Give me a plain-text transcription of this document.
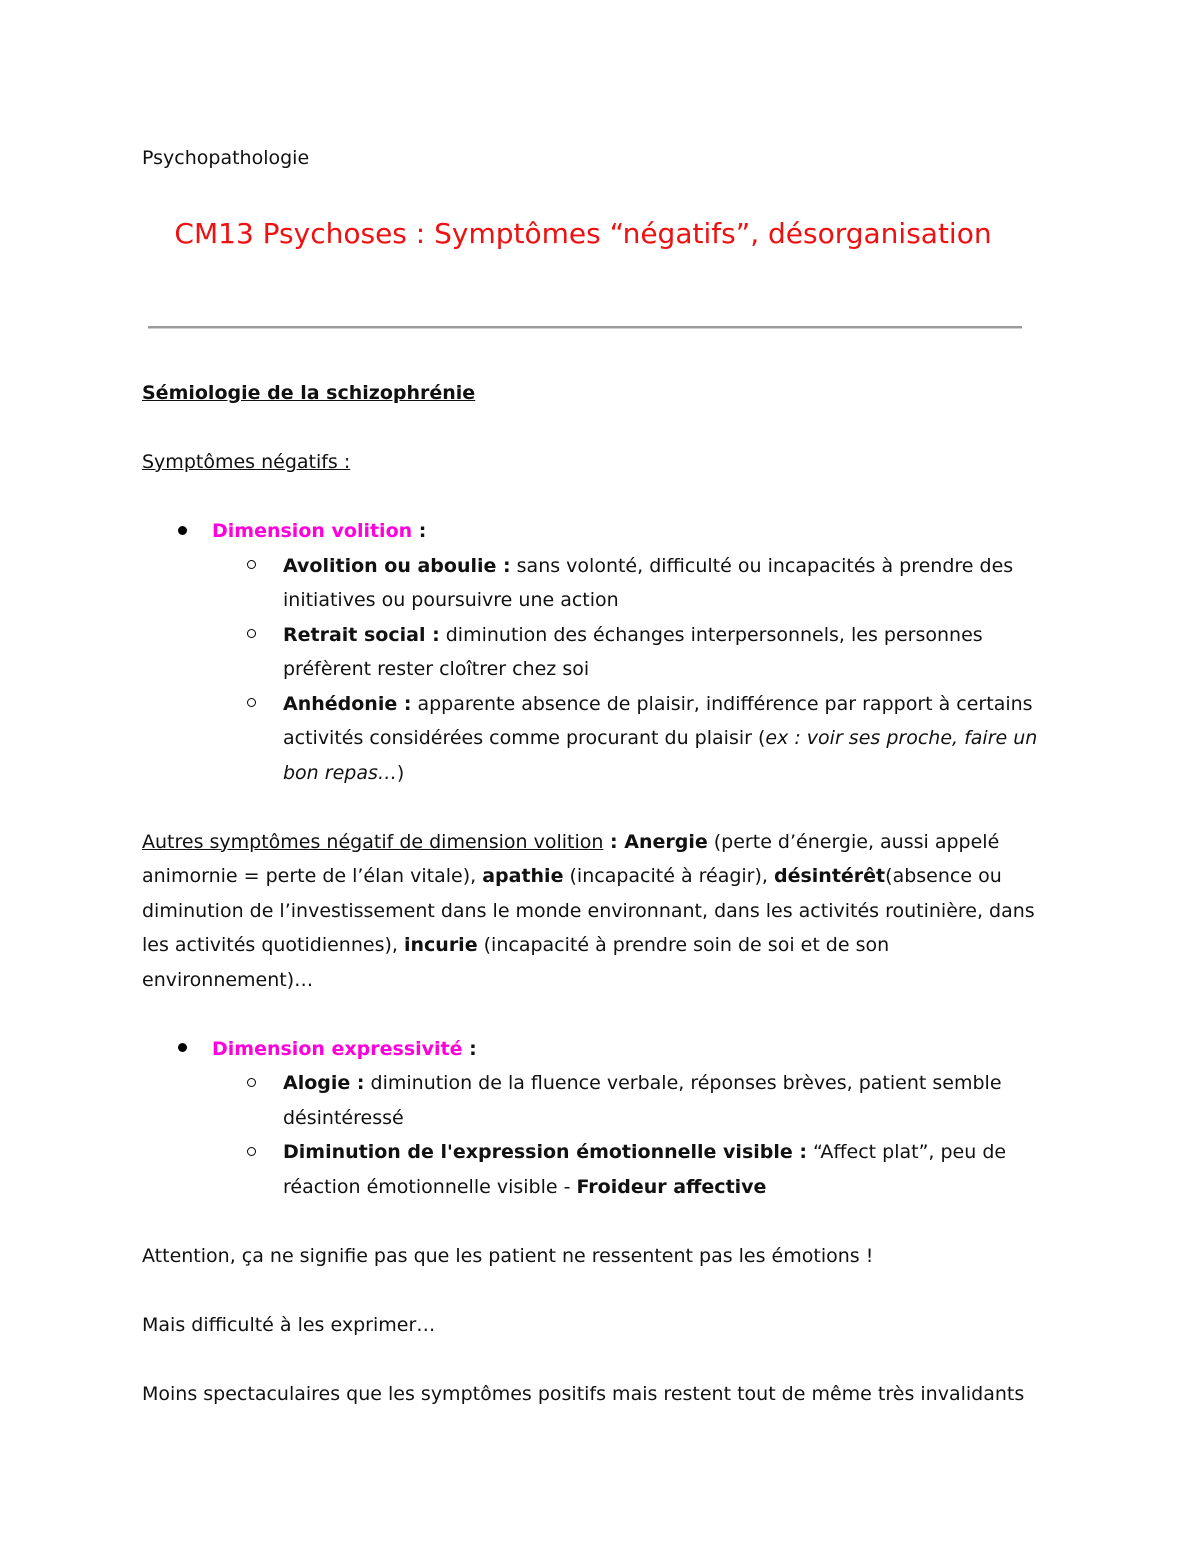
Psychopathologie

CM13 Psychoses : Symptômes “négatifs”, désorganisation

Sémiologie de la schizophrénie

Symptômes négatifs :

Dimension volition :
Avolition ou aboulie : sans volonté, difficulté ou incapacités à prendre des initiatives ou poursuivre une action
Retrait social : diminution des échanges interpersonnels, les personnes préfèrent rester cloîtrer chez soi
Anhédonie : apparente absence de plaisir, indifférence par rapport à certains activités considérées comme procurant du plaisir (ex : voir ses proche, faire un bon repas…)

Autres symptômes négatif de dimension volition : Anergie (perte d’énergie, aussi appelé animornie = perte de l’élan vitale), apathie (incapacité à réagir), désintérêt(absence ou diminution de l’investissement dans le monde environnant, dans les activités routinière, dans les activités quotidiennes), incurie (incapacité à prendre soin de soi et de son environnement)…

Dimension expressivité :
Alogie : diminution de la fluence verbale, réponses brèves, patient semble désintéressé
Diminution de l'expression émotionnelle visible : “Affect plat”, peu de réaction émotionnelle visible - Froideur affective

Attention, ça ne signifie pas que les patient ne ressentent pas les émotions !

Mais difficulté à les exprimer…

Moins spectaculaires que les symptômes positifs mais restent tout de même très invalidants
